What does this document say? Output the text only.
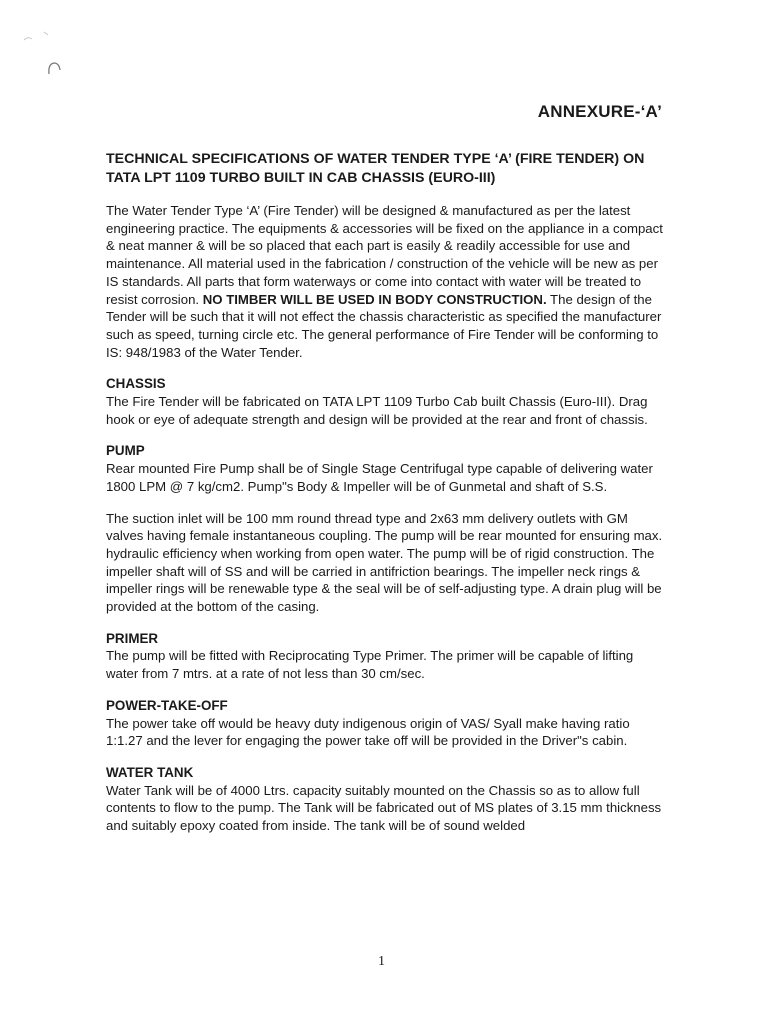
ANNEXURE-‘A’
TECHNICAL SPECIFICATIONS OF WATER TENDER TYPE ‘A’ (FIRE TENDER) ON TATA LPT 1109 TURBO BUILT IN CAB CHASSIS (EURO-III)

The Water Tender Type ‘A’ (Fire Tender) will be designed & manufactured as per the latest engineering practice. The equipments & accessories will be fixed on the appliance in a compact & neat manner & will be so placed that each part is easily & readily accessible for use and maintenance. All material used in the fabrication / construction of the vehicle will be new as per IS standards. All parts that form waterways or come into contact with water will be treated to resist corrosion. NO TIMBER WILL BE USED IN BODY CONSTRUCTION. The design of the Tender will be such that it will not effect the chassis characteristic as specified the manufacturer such as speed, turning circle etc. The general performance of Fire Tender will be conforming to IS: 948/1983 of the Water Tender.

CHASSIS

The Fire Tender will be fabricated on TATA LPT 1109 Turbo Cab built Chassis (Euro-III). Drag hook or eye of adequate strength and design will be provided at the rear and front of chassis.

PUMP

Rear mounted Fire Pump shall be of Single Stage Centrifugal type capable of delivering water 1800 LPM @ 7 kg/cm2. Pump"s Body & Impeller will be of Gunmetal and shaft of S.S.

The suction inlet will be 100 mm round thread type and 2x63 mm delivery outlets with GM valves having female instantaneous coupling. The pump will be rear mounted for ensuring max. hydraulic efficiency when working from open water. The pump will be of rigid construction. The impeller shaft will of SS and will be carried in antifriction bearings. The impeller neck rings & impeller rings will be renewable type & the seal will be of self-adjusting type. A drain plug will be provided at the bottom of the casing.

PRIMER

The pump will be fitted with Reciprocating Type Primer. The primer will be capable of lifting water from 7 mtrs. at a rate of not less than 30 cm/sec.

POWER-TAKE-OFF

The power take off would be heavy duty indigenous origin of VAS/ Syall make having ratio 1:1.27 and the lever for engaging the power take off will be provided in the Driver"s cabin.

WATER TANK

Water Tank will be of 4000 Ltrs. capacity suitably mounted on the Chassis so as to allow full contents to flow to the pump. The Tank will be fabricated out of MS plates of 3.15 mm thickness and suitably epoxy coated from inside. The tank will be of sound welded

1
